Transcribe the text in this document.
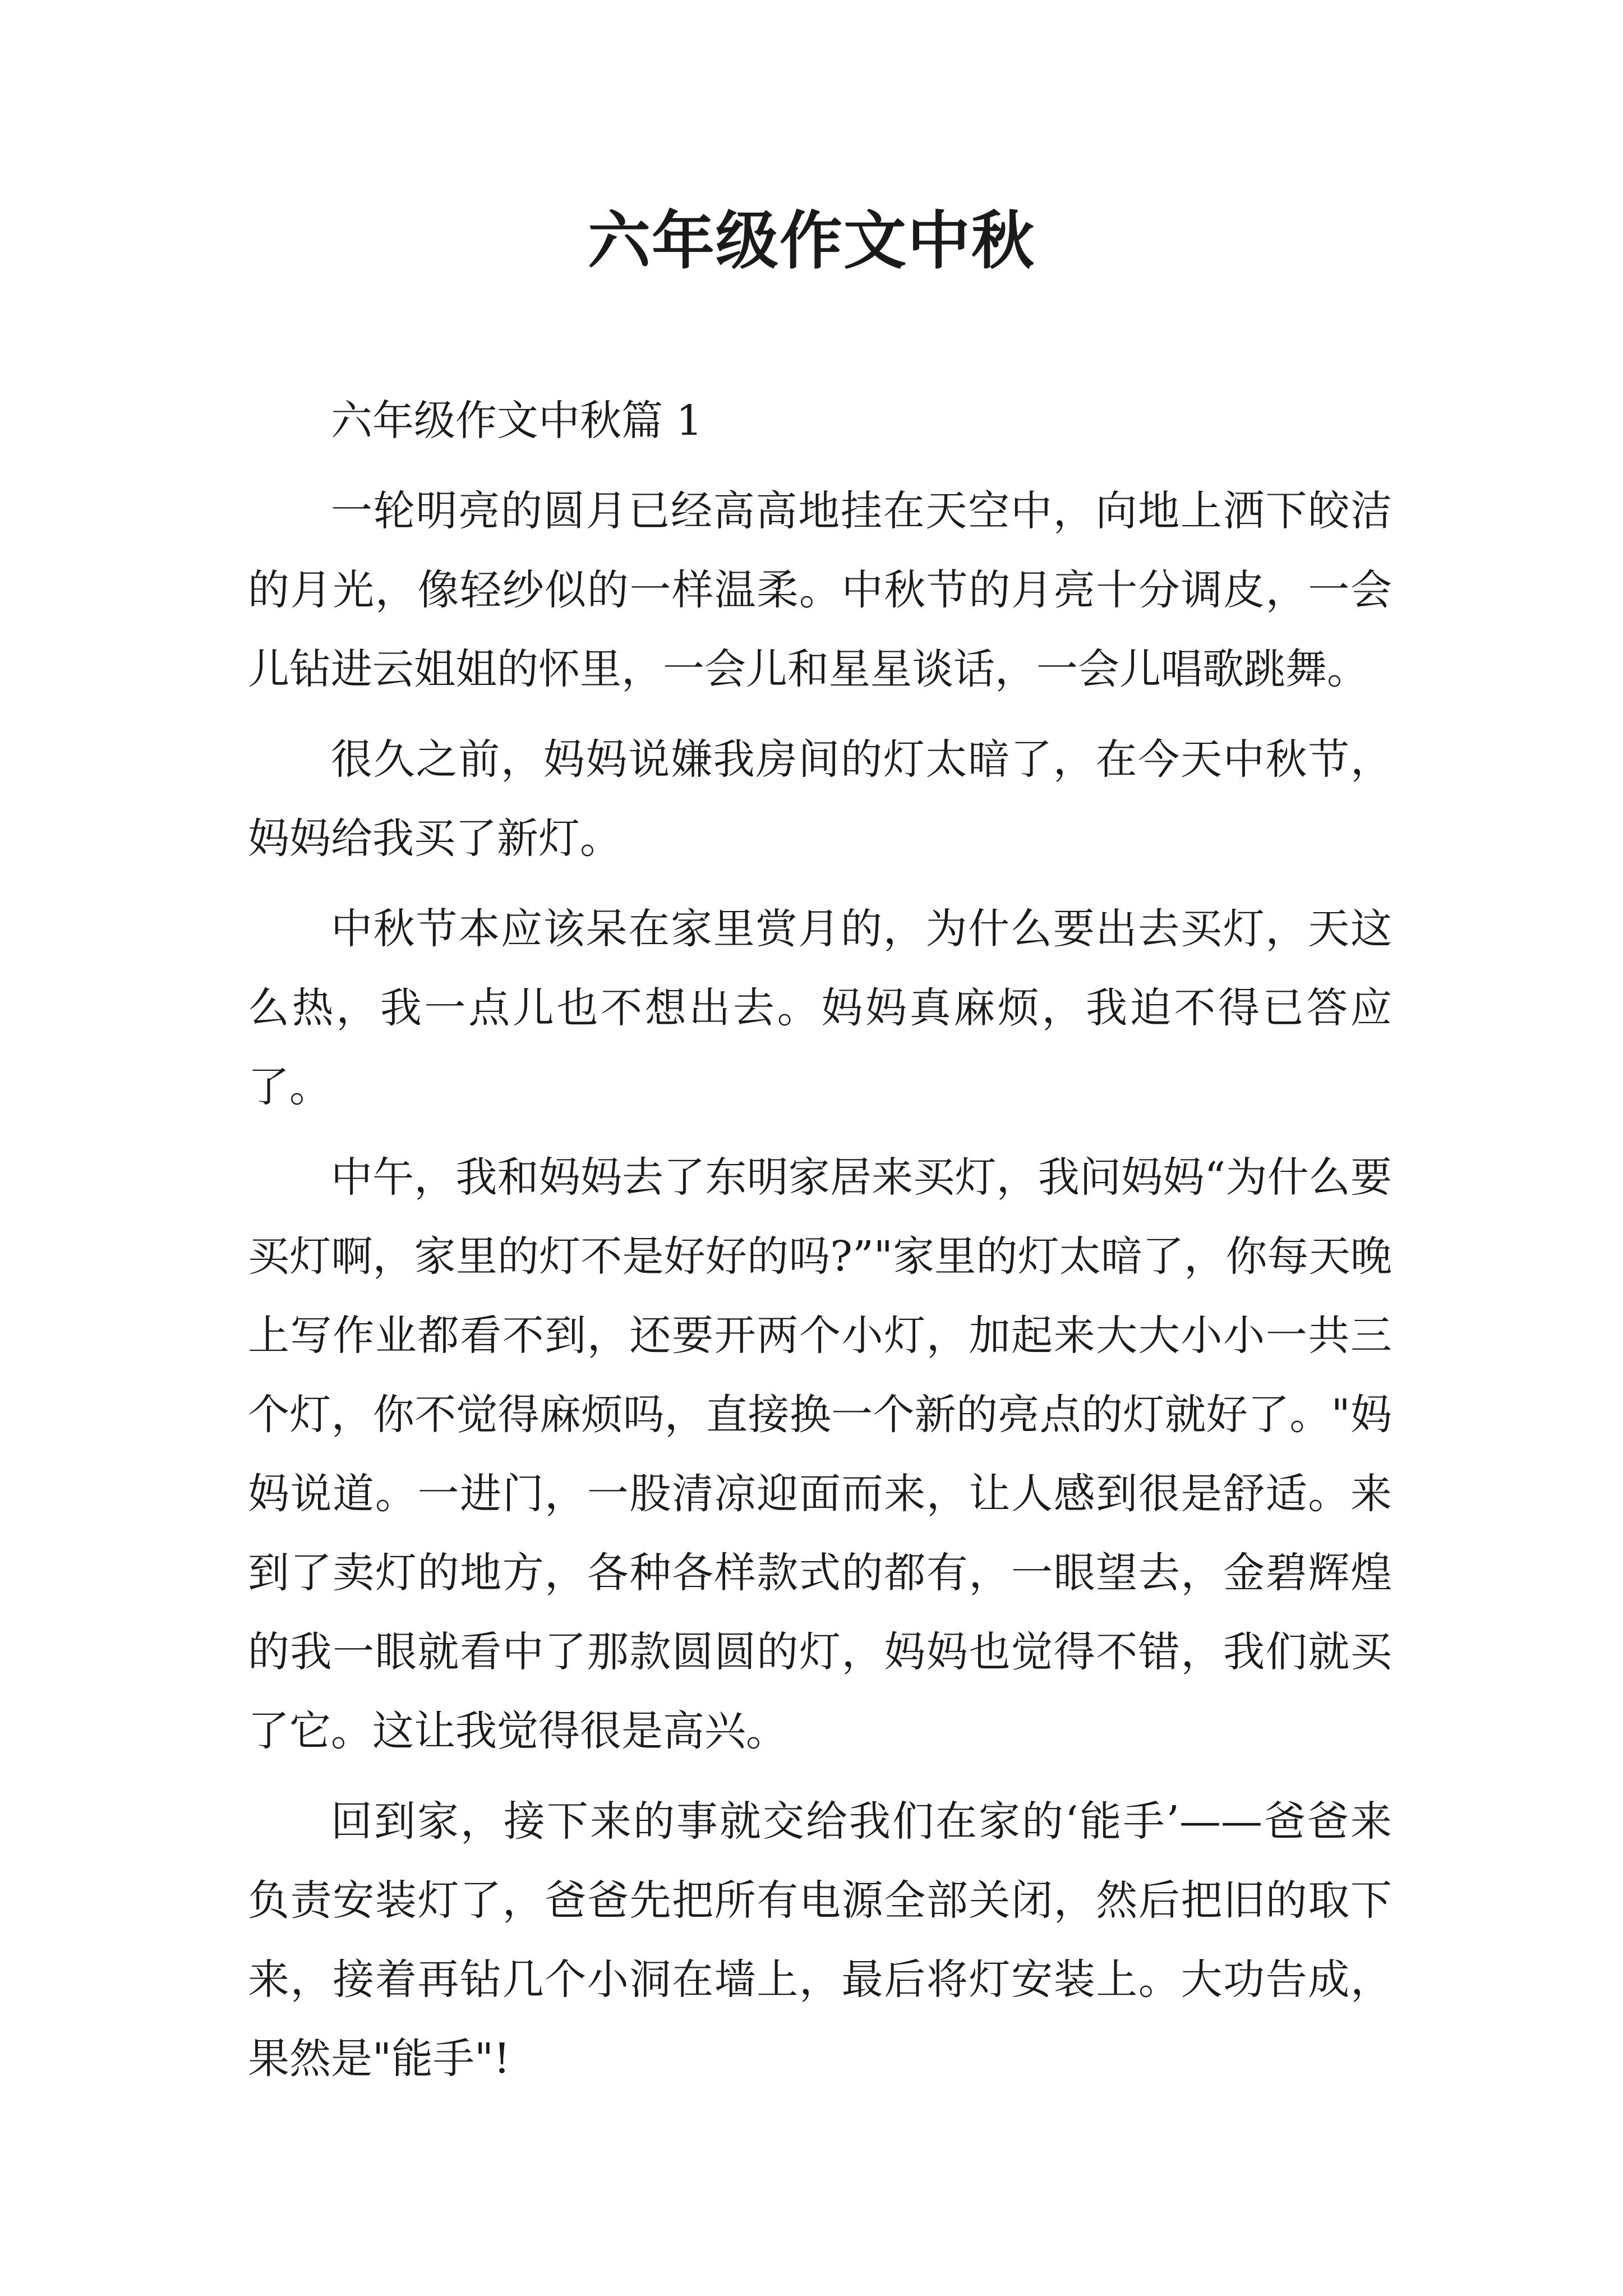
六年级作文中秋

六年级作文中秋篇 1

一轮明亮的圆月已经高高地挂在天空中，向地上洒下皎洁的月光，像轻纱似的一样温柔。中秋节的月亮十分调皮，一会儿钻进云姐姐的怀里，一会儿和星星谈话，一会儿唱歌跳舞。

很久之前，妈妈说嫌我房间的灯太暗了，在今天中秋节，妈妈给我买了新灯。

中秋节本应该呆在家里赏月的，为什么要出去买灯，天这么热，我一点儿也不想出去。妈妈真麻烦，我迫不得已答应了。

中午，我和妈妈去了东明家居来买灯，我问妈妈“为什么要买灯啊，家里的灯不是好好的吗?”"家里的灯太暗了，你每天晚上写作业都看不到，还要开两个小灯，加起来大大小小一共三个灯，你不觉得麻烦吗，直接换一个新的亮点的灯就好了。"妈妈说道。一进门，一股清凉迎面而来，让人感到很是舒适。来到了卖灯的地方，各种各样款式的都有，一眼望去，金碧辉煌的我一眼就看中了那款圆圆的灯，妈妈也觉得不错，我们就买了它。这让我觉得很是高兴。

回到家，接下来的事就交给我们在家的‘能手’——爸爸来负责安装灯了，爸爸先把所有电源全部关闭，然后把旧的取下来，接着再钻几个小洞在墙上，最后将灯安装上。大功告成，果然是"能手"!
